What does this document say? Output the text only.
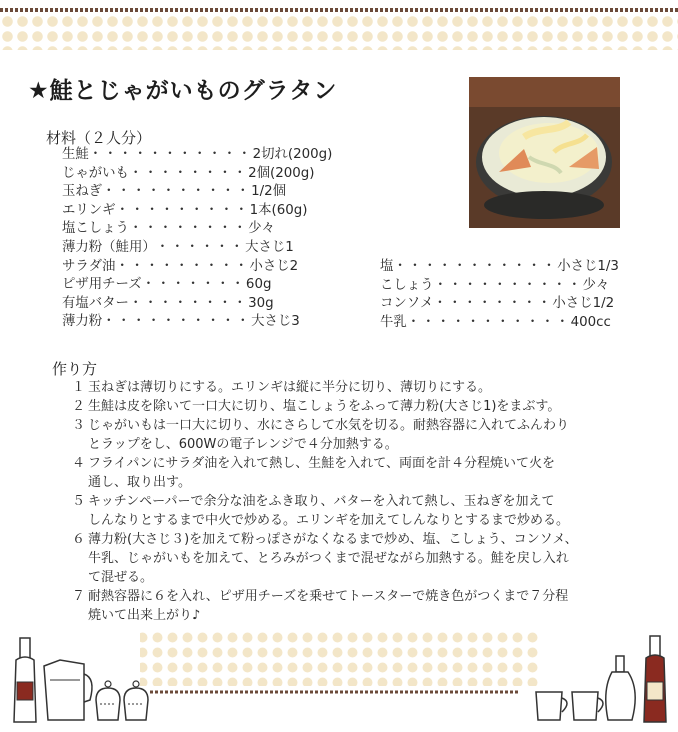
★鮭とじゃがいものグラタン
材料（２人分）
生鮭 ・・・・・・・・・・・ 2切れ(200g)
じゃがいも ・・・・・・・・ 2個(200g)
玉ねぎ ・・・・・・・・・・ 1/2個
エリンギ ・・・・・・・・・ 1本(60g)
塩こしょう ・・・・・・・・ 少々
薄力粉（鮭用） ・・・・・・ 大さじ1
サラダ油 ・・・・・・・・・ 小さじ2
ピザ用チーズ ・・・・・・・ 60g
有塩バター ・・・・・・・・ 30g
薄力粉 ・・・・・・・・・・ 大さじ3
塩 ・・・・・・・・・・・ 小さじ1/3
こしょう ・・・・・・・・・・ 少々
コンソメ ・・・・・・・・ 小さじ1/2
牛乳 ・・・・・・・・・・・ 400cc
作り方
１ 玉ねぎは薄切りにする。エリンギは縦に半分に切り、薄切りにする。
２ 生鮭は皮を除いて一口大に切り、塩こしょうをふって薄力粉(大さじ1)をまぶす。
３ じゃがいもは一口大に切り、水にさらして水気を切る。耐熱容器に入れてふんわり
とラップをし、600Wの電子レンジで４分加熱する。
４ フライパンにサラダ油を入れて熱し、生鮭を入れて、両面を計４分程焼いて火を
通し、取り出す。
５ キッチンペーパーで余分な油をふき取り、バターを入れて熱し、玉ねぎを加えて
しんなりとするまで中火で炒める。エリンギを加えてしんなりとするまで炒める。
６ 薄力粉(大さじ３)を加えて粉っぽさがなくなるまで炒め、塩、こしょう、コンソメ、
牛乳、じゃがいもを加えて、とろみがつくまで混ぜながら加熱する。鮭を戻し入れ
て混ぜる。
７ 耐熱容器に６を入れ、ピザ用チーズを乗せてトースターで焼き色がつくまで７分程
焼いて出来上がり♪
